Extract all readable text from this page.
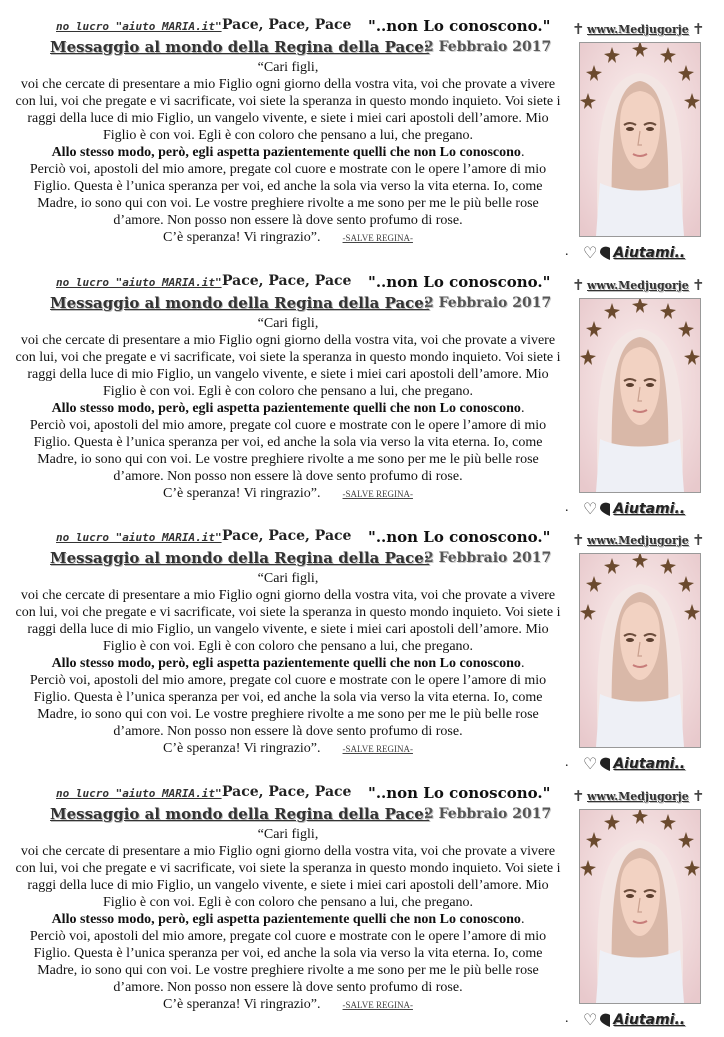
no lucro "aiuto MARIA.it" Pace, Pace, Pace "..non Lo conoscono."
Messaggio al mondo della Regina della Pace:
2 Febbraio 2017

“Cari figli,

voi che cercate di presentare a mio Figlio ogni giorno della vostra vita, voi che provate a vivere con lui, voi che pregate e vi sacrificate, voi siete la speranza in questo mondo inquieto. Voi siete i raggi della luce di mio Figlio, un vangelo vivente, e siete i miei cari apostoli dell’amore. Mio Figlio è con voi. Egli è con coloro che pensano a lui, che pregano.

Allo stesso modo, però, egli aspetta pazientemente quelli che non Lo conoscono.

Perciò voi, apostoli del mio amore, pregate col cuore e mostrate con le opere l’amore di mio Figlio. Questa è l’unica speranza per voi, ed anche la sola via verso la vita eterna. Io, come Madre, io sono qui con voi. Le vostre preghiere rivolte a me sono per me le più belle rose d’amore. Non posso non essere là dove sento profumo di rose.

C’è speranza! Vi ringrazio”. -SALVE REGINA-

.
✝ www.Medjugorje ✝
♡ Aiutami..
no lucro "aiuto MARIA.it" Pace, Pace, Pace "..non Lo conoscono."
Messaggio al mondo della Regina della Pace:
2 Febbraio 2017

“Cari figli,

voi che cercate di presentare a mio Figlio ogni giorno della vostra vita, voi che provate a vivere con lui, voi che pregate e vi sacrificate, voi siete la speranza in questo mondo inquieto. Voi siete i raggi della luce di mio Figlio, un vangelo vivente, e siete i miei cari apostoli dell’amore. Mio Figlio è con voi. Egli è con coloro che pensano a lui, che pregano.

Allo stesso modo, però, egli aspetta pazientemente quelli che non Lo conoscono.

Perciò voi, apostoli del mio amore, pregate col cuore e mostrate con le opere l’amore di mio Figlio. Questa è l’unica speranza per voi, ed anche la sola via verso la vita eterna. Io, come Madre, io sono qui con voi. Le vostre preghiere rivolte a me sono per me le più belle rose d’amore. Non posso non essere là dove sento profumo di rose.

C’è speranza! Vi ringrazio”. -SALVE REGINA-

.
✝ www.Medjugorje ✝
♡ Aiutami..
no lucro "aiuto MARIA.it" Pace, Pace, Pace "..non Lo conoscono."
Messaggio al mondo della Regina della Pace:
2 Febbraio 2017

“Cari figli,

voi che cercate di presentare a mio Figlio ogni giorno della vostra vita, voi che provate a vivere con lui, voi che pregate e vi sacrificate, voi siete la speranza in questo mondo inquieto. Voi siete i raggi della luce di mio Figlio, un vangelo vivente, e siete i miei cari apostoli dell’amore. Mio Figlio è con voi. Egli è con coloro che pensano a lui, che pregano.

Allo stesso modo, però, egli aspetta pazientemente quelli che non Lo conoscono.

Perciò voi, apostoli del mio amore, pregate col cuore e mostrate con le opere l’amore di mio Figlio. Questa è l’unica speranza per voi, ed anche la sola via verso la vita eterna. Io, come Madre, io sono qui con voi. Le vostre preghiere rivolte a me sono per me le più belle rose d’amore. Non posso non essere là dove sento profumo di rose.

C’è speranza! Vi ringrazio”. -SALVE REGINA-

.
✝ www.Medjugorje ✝
♡ Aiutami..
no lucro "aiuto MARIA.it" Pace, Pace, Pace "..non Lo conoscono."
Messaggio al mondo della Regina della Pace:
2 Febbraio 2017

“Cari figli,

voi che cercate di presentare a mio Figlio ogni giorno della vostra vita, voi che provate a vivere con lui, voi che pregate e vi sacrificate, voi siete la speranza in questo mondo inquieto. Voi siete i raggi della luce di mio Figlio, un vangelo vivente, e siete i miei cari apostoli dell’amore. Mio Figlio è con voi. Egli è con coloro che pensano a lui, che pregano.

Allo stesso modo, però, egli aspetta pazientemente quelli che non Lo conoscono.

Perciò voi, apostoli del mio amore, pregate col cuore e mostrate con le opere l’amore di mio Figlio. Questa è l’unica speranza per voi, ed anche la sola via verso la vita eterna. Io, come Madre, io sono qui con voi. Le vostre preghiere rivolte a me sono per me le più belle rose d’amore. Non posso non essere là dove sento profumo di rose.

C’è speranza! Vi ringrazio”. -SALVE REGINA-

.
✝ www.Medjugorje ✝
♡ Aiutami..
